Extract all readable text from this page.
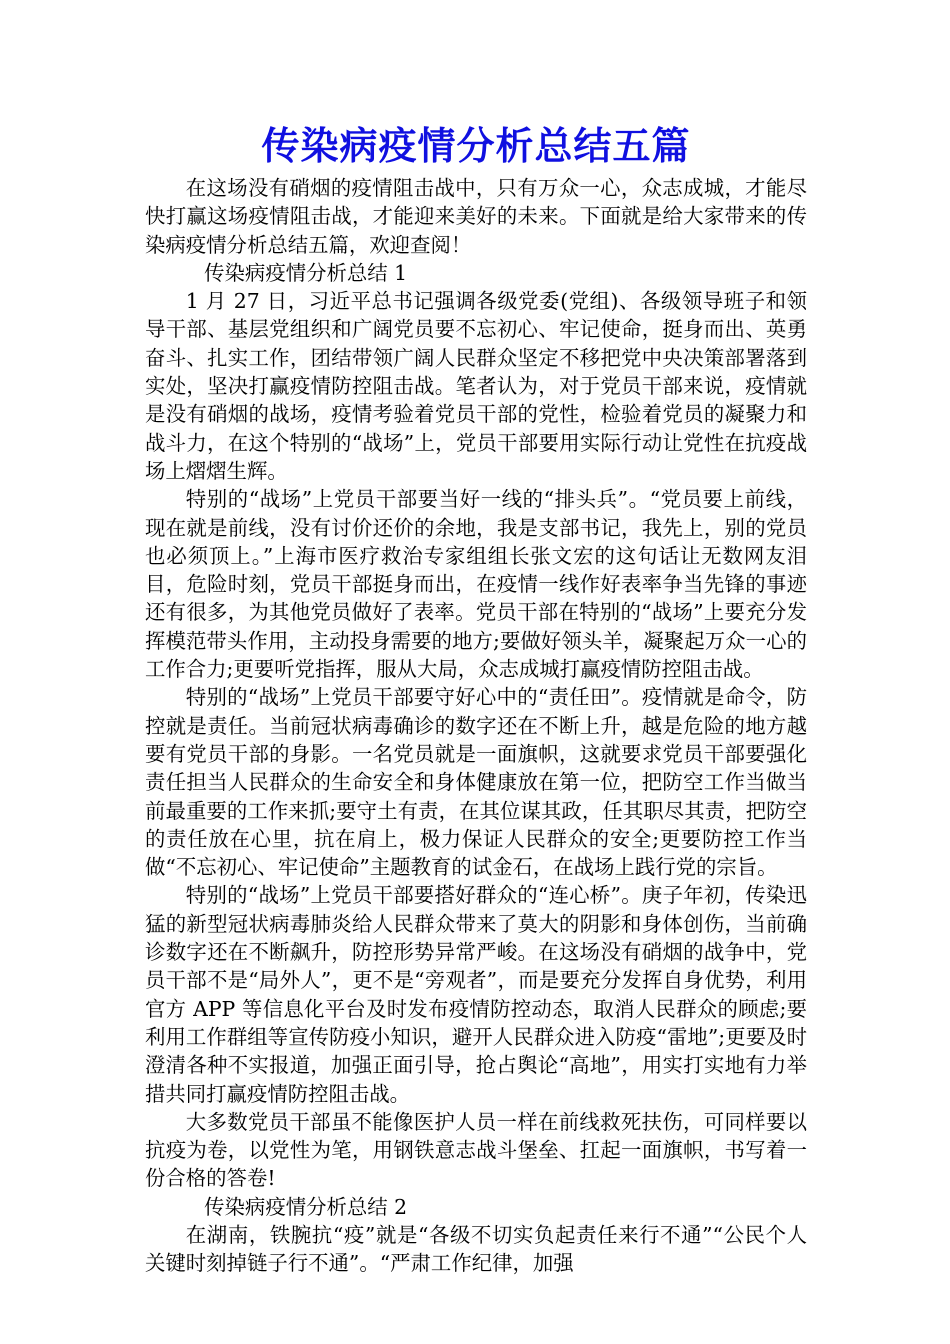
传染病疫情分析总结五篇

在这场没有硝烟的疫情阻击战中，只有万众一心，众志成城，才能尽快打赢这场疫情阻击战，才能迎来美好的未来。下面就是给大家带来的传染病疫情分析总结五篇，欢迎查阅！

传染病疫情分析总结 1

1 月 27 日，习近平总书记强调各级党委(党组)、各级领导班子和领导干部、基层党组织和广阔党员要不忘初心、牢记使命，挺身而出、英勇奋斗、扎实工作，团结带领广阔人民群众坚定不移把党中央决策部署落到实处，坚决打赢疫情防控阻击战。笔者认为，对于党员干部来说，疫情就是没有硝烟的战场，疫情考验着党员干部的党性，检验着党员的凝聚力和战斗力，在这个特别的“战场”上，党员干部要用实际行动让党性在抗疫战场上熠熠生辉。

特别的“战场”上党员干部要当好一线的“排头兵”。“党员要上前线，现在就是前线，没有讨价还价的余地，我是支部书记，我先上，别的党员也必须顶上。”上海市医疗救治专家组组长张文宏的这句话让无数网友泪目，危险时刻，党员干部挺身而出，在疫情一线作好表率争当先锋的事迹还有很多，为其他党员做好了表率。党员干部在特别的“战场”上要充分发挥模范带头作用，主动投身需要的地方;要做好领头羊，凝聚起万众一心的工作合力;更要听党指挥，服从大局，众志成城打赢疫情防控阻击战。

特别的“战场”上党员干部要守好心中的“责任田”。疫情就是命令，防控就是责任。当前冠状病毒确诊的数字还在不断上升，越是危险的地方越要有党员干部的身影。一名党员就是一面旗帜，这就要求党员干部要强化责任担当人民群众的生命安全和身体健康放在第一位，把防空工作当做当前最重要的工作来抓;要守土有责，在其位谋其政，任其职尽其责，把防空的责任放在心里，抗在肩上，极力保证人民群众的安全;更要防控工作当做“不忘初心、牢记使命”主题教育的试金石，在战场上践行党的宗旨。

特别的“战场”上党员干部要搭好群众的“连心桥”。庚子年初，传染迅猛的新型冠状病毒肺炎给人民群众带来了莫大的阴影和身体创伤，当前确诊数字还在不断飙升，防控形势异常严峻。在这场没有硝烟的战争中，党员干部不是“局外人”，更不是“旁观者”，而是要充分发挥自身优势，利用官方 APP 等信息化平台及时发布疫情防控动态，取消人民群众的顾虑;要利用工作群组等宣传防疫小知识，避开人民群众进入防疫“雷地”;更要及时澄清各种不实报道，加强正面引导，抢占舆论“高地”，用实打实地有力举措共同打赢疫情防控阻击战。

大多数党员干部虽不能像医护人员一样在前线救死扶伤，可同样要以抗疫为卷，以党性为笔，用钢铁意志战斗堡垒、扛起一面旗帜，书写着一份合格的答卷!

传染病疫情分析总结 2

在湖南，铁腕抗“疫”就是“各级不切实负起责任来行不通”“公民个人关键时刻掉链子行不通”。“严肃工作纪律，加强
